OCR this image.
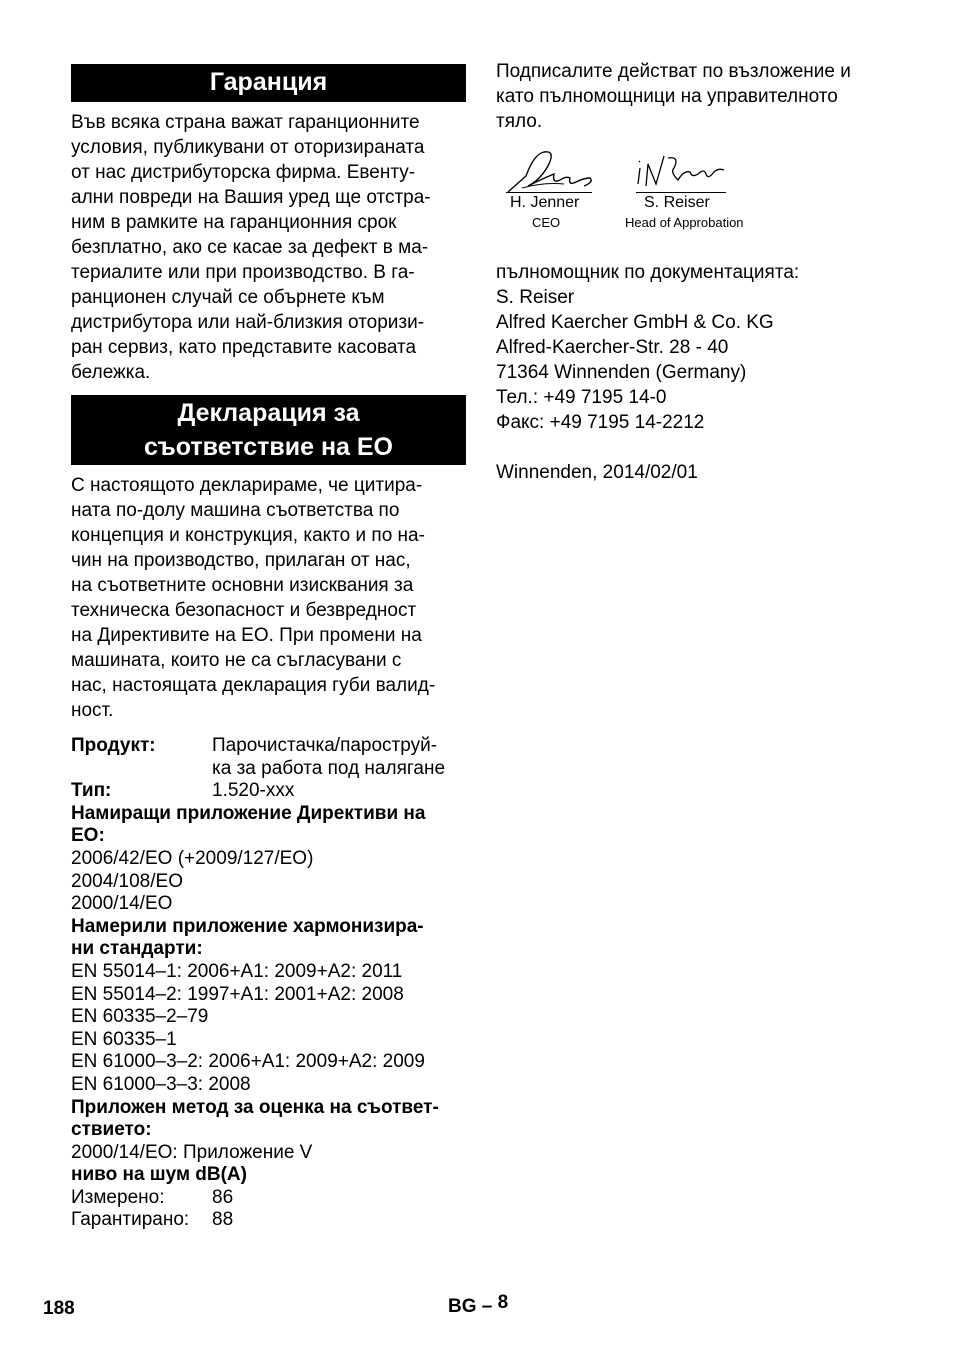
Гаранция

Във всяка страна важат гаранционните
условия, публикувани от оторизираната
от нас дистрибуторска фирма. Евенту-
ални повреди на Вашия уред ще отстра-
ним в рамките на гаранционния срок
безплатно, ако се касае за дефект в ма-
териалите или при производство. В га-
ранционен случай се обърнете към
дистрибутора или най-близкия оторизи-
ран сервиз, като представите касовата
бележка.

Декларация за
съответствие на ЕО

С настоящото декларираме, че цитира-
ната по-долу машина съответства по
концепция и конструкция, както и по на-
чин на производство, прилаган от нас,
на съответните основни изисквания за
техническа безопасност и безвредност
на Директивите на ЕО. При промени на
машината, които не са съгласувани с
нас, настоящата декларация губи валид-
ност.

Продукт:	Парочистачка/пароструй-
ка за работа под налягане
Тип:	1.520-xxx
Намиращи приложение Директиви на
ЕО:
2006/42/ЕО (+2009/127/ЕО)
2004/108/ЕО
2000/14/ЕО
Намерили приложение хармонизира-
ни стандарти:
EN 55014–1: 2006+A1: 2009+A2: 2011
EN 55014–2: 1997+A1: 2001+A2: 2008
EN 60335–2–79
EN 60335–1
EN 61000–3–2: 2006+A1: 2009+A2: 2009
EN 61000–3–3: 2008
Приложен метод за оценка на съответ-
ствието:
2000/14/ЕО: Приложение V
ниво на шум dB(A)
Измерено:	86
Гарантирано:	88

Подписалите действат по възложение и
като пълномощници на управителното
тяло.

H. Jenner
CEO
S. Reiser
Head of Approbation
пълномощник по документацията:
S. Reiser
Alfred Kaercher GmbH & Co. KG
Alfred-Kaercher-Str. 28 - 40
71364 Winnenden (Germany)
Тел.: +49 7195 14-0
Факс: +49 7195 14-2212
Winnenden, 2014/02/01
188	BG – 8
